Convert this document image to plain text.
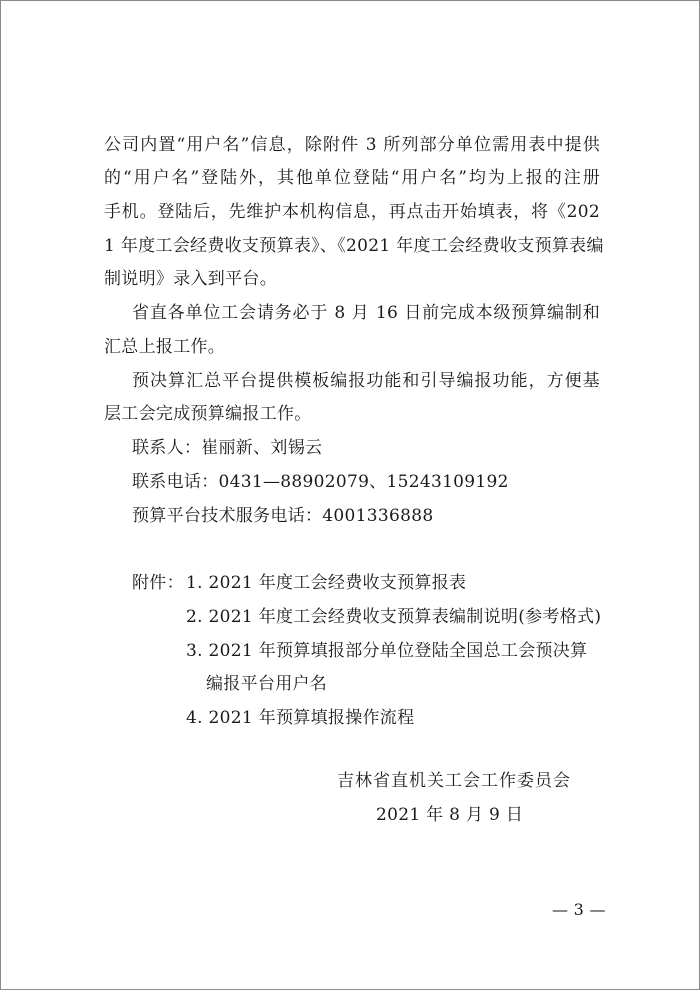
公司内置“用户名”信息，除附件 3 所列部分单位需用表中提供
的“用户名”登陆外，其他单位登陆“用户名”均为上报的注册
手机。登陆后，先维护本机构信息，再点击开始填表，将《202
1 年度工会经费收支预算表》、《2021 年度工会经费收支预算表编
制说明》录入到平台。
省直各单位工会请务必于 8 月 16 日前完成本级预算编制和
汇总上报工作。
预决算汇总平台提供模板编报功能和引导编报功能，方便基
层工会完成预算编报工作。
联系人：崔丽新、刘锡云
联系电话：0431—88902079、15243109192
预算平台技术服务电话：4001336888
附件： 1. 2021 年度工会经费收支预算报表
2. 2021 年度工会经费收支预算表编制说明(参考格式)
3. 2021 年预算填报部分单位登陆全国总工会预决算
编报平台用户名
4. 2021 年预算填报操作流程
吉林省直机关工会工作委员会
2021 年 8 月 9 日
— 3 —
